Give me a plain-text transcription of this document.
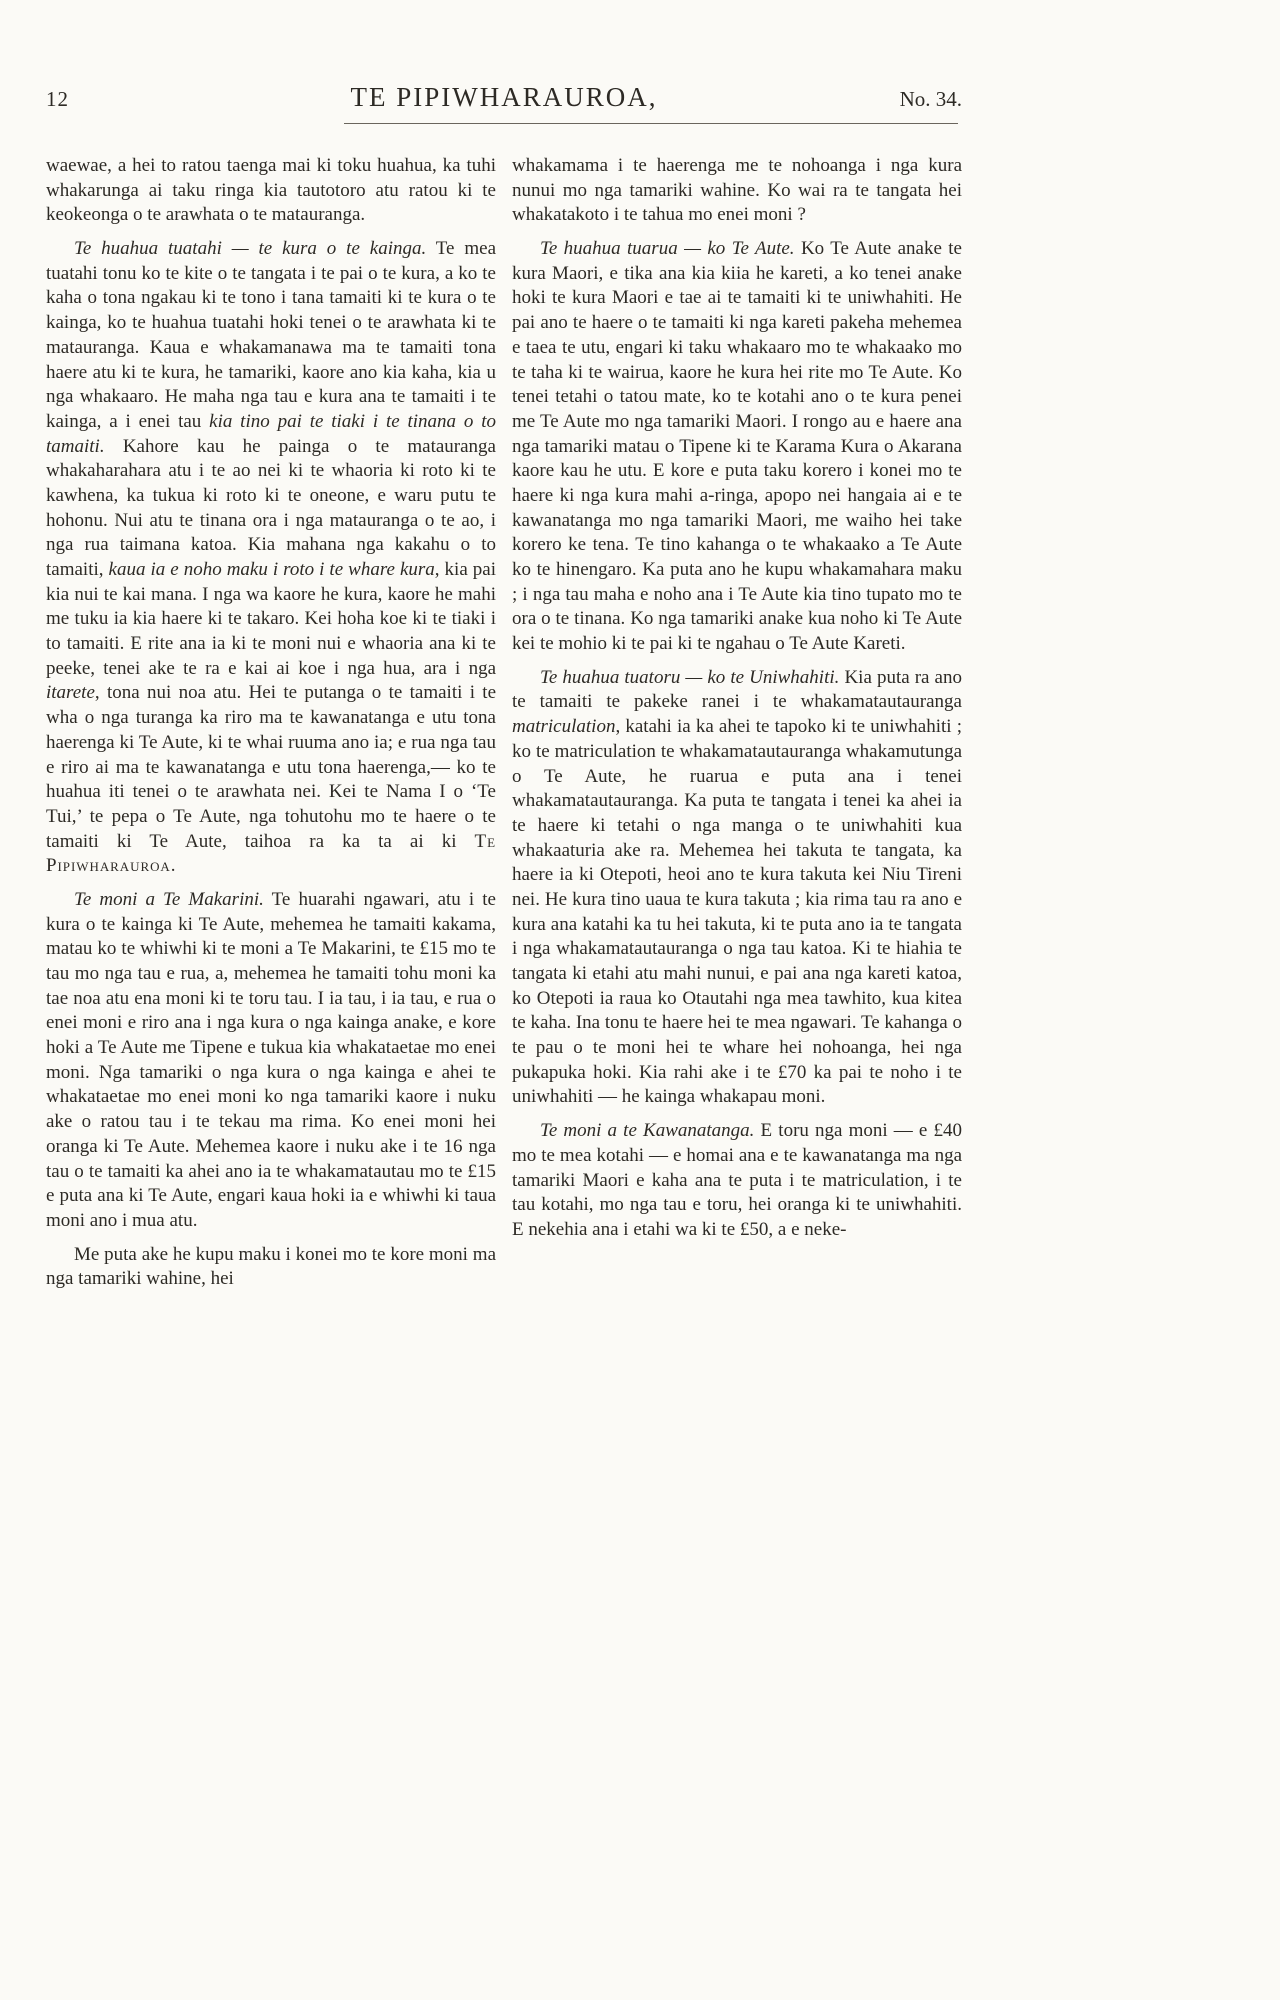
12	TE PIPIWHARAUROA,	No. 34.

waewae, a hei to ratou taenga mai ki toku huahua, ka tuhi whakarunga ai taku ringa kia tautotoro atu ratou ki te keokeonga o te arawhata o te matauranga.

Te huahua tuatahi — te kura o te kainga. Te mea tuatahi tonu ko te kite o te tangata i te pai o te kura, a ko te kaha o tona ngakau ki te tono i tana tamaiti ki te kura o te kainga, ko te huahua tuatahi hoki tenei o te arawhata ki te matauranga. Kaua e whakamanawa ma te tamaiti tona haere atu ki te kura, he tamariki, kaore ano kia kaha, kia u nga whakaaro. He maha nga tau e kura ana te tamaiti i te kainga, a i enei tau kia tino pai te tiaki i te tinana o to tamaiti. Kahore kau he painga o te matauranga whakaharahara atu i te ao nei ki te whaoria ki roto ki te kawhena, ka tukua ki roto ki te oneone, e waru putu te hohonu. Nui atu te tinana ora i nga matauranga o te ao, i nga rua taimana katoa. Kia mahana nga kakahu o to tamaiti, kaua ia e noho maku i roto i te whare kura, kia pai kia nui te kai mana. I nga wa kaore he kura, kaore he mahi me tuku ia kia haere ki te takaro. Kei hoha koe ki te tiaki i to tamaiti. E rite ana ia ki te moni nui e whaoria ana ki te peeke, tenei ake te ra e kai ai koe i nga hua, ara i nga itarete, tona nui noa atu. Hei te putanga o te tamaiti i te wha o nga turanga ka riro ma te kawanatanga e utu tona haerenga ki Te Aute, ki te whai ruuma ano ia; e rua nga tau e riro ai ma te kawanatanga e utu tona haerenga,— ko te huahua iti tenei o te arawhata nei. Kei te Nama I o ‘Te Tui,’ te pepa o Te Aute, nga tohutohu mo te haere o te tamaiti ki Te Aute, taihoa ra ka ta ai ki Te Pipiwharauroa.

Te moni a Te Makarini. Te huarahi ngawari, atu i te kura o te kainga ki Te Aute, mehemea he tamaiti kakama, matau ko te whiwhi ki te moni a Te Makarini, te £15 mo te tau mo nga tau e rua, a, mehemea he tamaiti tohu moni ka tae noa atu ena moni ki te toru tau. I ia tau, i ia tau, e rua o enei moni e riro ana i nga kura o nga kainga anake, e kore hoki a Te Aute me Tipene e tukua kia whakataetae mo enei moni. Nga tamariki o nga kura o nga kainga e ahei te whakataetae mo enei moni ko nga tamariki kaore i nuku ake o ratou tau i te tekau ma rima. Ko enei moni hei oranga ki Te Aute. Mehemea kaore i nuku ake i te 16 nga tau o te tamaiti ka ahei ano ia te whakamatautau mo te £15 e puta ana ki Te Aute, engari kaua hoki ia e whiwhi ki taua moni ano i mua atu.

Me puta ake he kupu maku i konei mo te kore moni ma nga tamariki wahine, hei

whakamama i te haerenga me te nohoanga i nga kura nunui mo nga tamariki wahine. Ko wai ra te tangata hei whakatakoto i te tahua mo enei moni ?

Te huahua tuarua — ko Te Aute. Ko Te Aute anake te kura Maori, e tika ana kia kiia he kareti, a ko tenei anake hoki te kura Maori e tae ai te tamaiti ki te uniwhahiti. He pai ano te haere o te tamaiti ki nga kareti pakeha mehemea e taea te utu, engari ki taku whakaaro mo te whakaako mo te taha ki te wairua, kaore he kura hei rite mo Te Aute. Ko tenei tetahi o tatou mate, ko te kotahi ano o te kura penei me Te Aute mo nga tamariki Maori. I rongo au e haere ana nga tamariki matau o Tipene ki te Karama Kura o Akarana kaore kau he utu. E kore e puta taku korero i konei mo te haere ki nga kura mahi a-ringa, apopo nei hangaia ai e te kawanatanga mo nga tamariki Maori, me waiho hei take korero ke tena. Te tino kahanga o te whakaako a Te Aute ko te hinengaro. Ka puta ano he kupu whakamahara maku ; i nga tau maha e noho ana i Te Aute kia tino tupato mo te ora o te tinana. Ko nga tamariki anake kua noho ki Te Aute kei te mohio ki te pai ki te ngahau o Te Aute Kareti.

Te huahua tuatoru — ko te Uniwhahiti. Kia puta ra ano te tamaiti te pakeke ranei i te whakamatautauranga matriculation, katahi ia ka ahei te tapoko ki te uniwhahiti ; ko te matriculation te whakamatautauranga whakamutunga o Te Aute, he ruarua e puta ana i tenei whakamatautauranga. Ka puta te tangata i tenei ka ahei ia te haere ki tetahi o nga manga o te uniwhahiti kua whakaaturia ake ra. Mehemea hei takuta te tangata, ka haere ia ki Otepoti, heoi ano te kura takuta kei Niu Tireni nei. He kura tino uaua te kura takuta ; kia rima tau ra ano e kura ana katahi ka tu hei takuta, ki te puta ano ia te tangata i nga whakamatautauranga o nga tau katoa. Ki te hiahia te tangata ki etahi atu mahi nunui, e pai ana nga kareti katoa, ko Otepoti ia raua ko Otautahi nga mea tawhito, kua kitea te kaha. Ina tonu te haere hei te mea ngawari. Te kahanga o te pau o te moni hei te whare hei nohoanga, hei nga pukapuka hoki. Kia rahi ake i te £70 ka pai te noho i te uniwhahiti — he kainga whakapau moni.

Te moni a te Kawanatanga. E toru nga moni — e £40 mo te mea kotahi — e homai ana e te kawanatanga ma nga tamariki Maori e kaha ana te puta i te matriculation, i te tau kotahi, mo nga tau e toru, hei oranga ki te uniwhahiti. E nekehia ana i etahi wa ki te £50, a e neke-
